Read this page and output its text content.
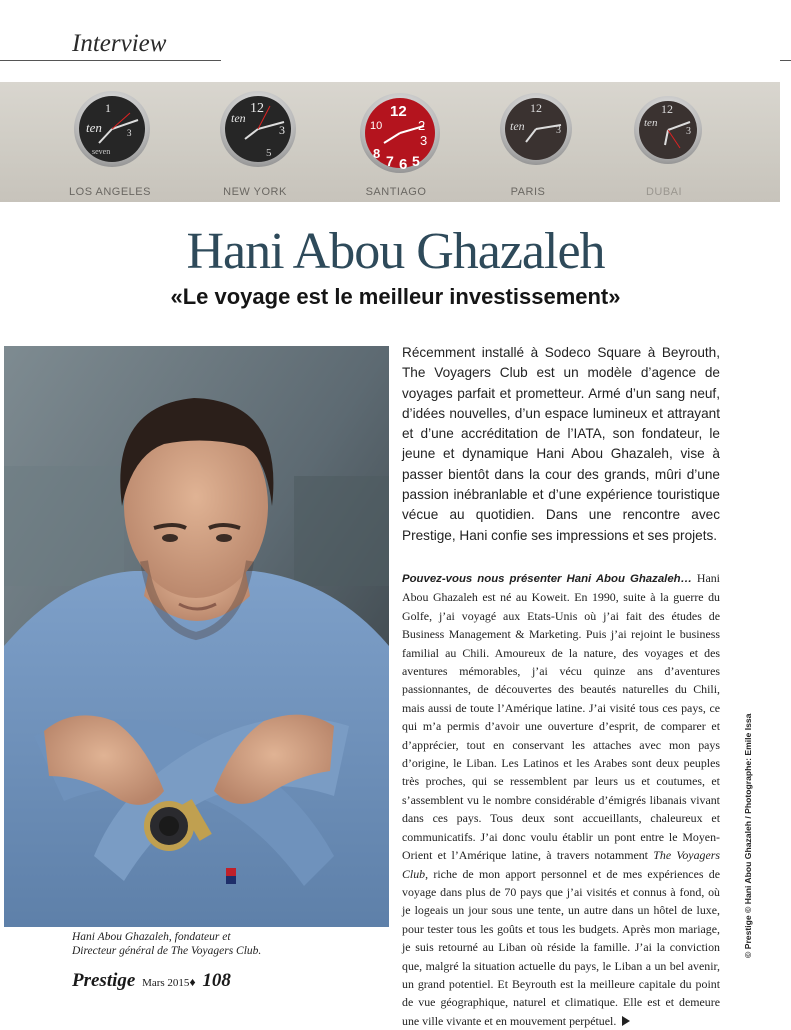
Interview
1
ten	3
seven
12
ten
3
5
12
10	2
3
8 7 6 5
12
ten	3
12
ten
3
LOS ANGELES	NEW YORK	SANTIAGO	PARIS	DUBAI
Hani Abou Ghazaleh
«Le voyage est le meilleur investissement»
Hani Abou Ghazaleh, fondateur et
Directeur général de The Voyagers Club.
Récemment installé à Sodeco Square à Beyrouth, The Voyagers Club est un modèle d’agence de voyages parfait et prometteur. Armé d’un sang neuf, d’idées nouvelles, d’un espace lumineux et attrayant et d’une accréditation de l’IATA, son fondateur, le jeune et dynamique Hani Abou Ghazaleh, vise à passer bientôt dans la cour des grands, mûri d’une passion inébranlable et d’une expérience touristique vécue au quotidien. Dans une rencontre avec Prestige, Hani confie ses impressions et ses projets.
Pouvez-vous nous présenter Hani Abou Ghazaleh… Hani Abou Ghazaleh est né au Koweit. En 1990, suite à la guerre du Golfe, j’ai voyagé aux Etats-Unis où j’ai fait des études de Business Management & Marketing. Puis j’ai rejoint le business familial au Chili. Amoureux de la nature, des voyages et des aventures mémorables, j’ai vécu quinze ans d’aventures passionnantes, de découvertes des beautés naturelles du Chili, mais aussi de toute l’Amérique latine. J’ai visité tous ces pays, ce qui m’a permis d’avoir une ouverture d’esprit, de comparer et d’apprécier, tout en conservant les attaches avec mon pays d’origine, le Liban. Les Latinos et les Arabes sont deux peuples très proches, qui se ressemblent par leurs us et coutumes, et s’assemblent vu le nombre considérable d’émigrés libanais vivant dans ces pays. Tous deux sont accueillants, chaleureux et communicatifs. J’ai donc voulu établir un pont entre le Moyen-Orient et l’Amérique latine, à travers notamment The Voyagers Club, riche de mon apport personnel et de mes expériences de voyage dans plus de 70 pays que j’ai visités et connus à fond, où je logeais un jour sous une tente, un autre dans un hôtel de luxe, pour tester tous les goûts et tous les budgets. Après mon mariage, je suis retourné au Liban où réside la famille. J’ai la conviction que, malgré la situation actuelle du pays, le Liban a un bel avenir, un grand potentiel. Et Beyrouth est la meilleure capitale du point de vue géographique, naturel et climatique. Elle est et demeure une ville vivante et en mouvement perpétuel.
© Prestige © Hani Abou Ghazaleh / Photographe: Emile Issa
Prestige Mars 2015♦ 108
